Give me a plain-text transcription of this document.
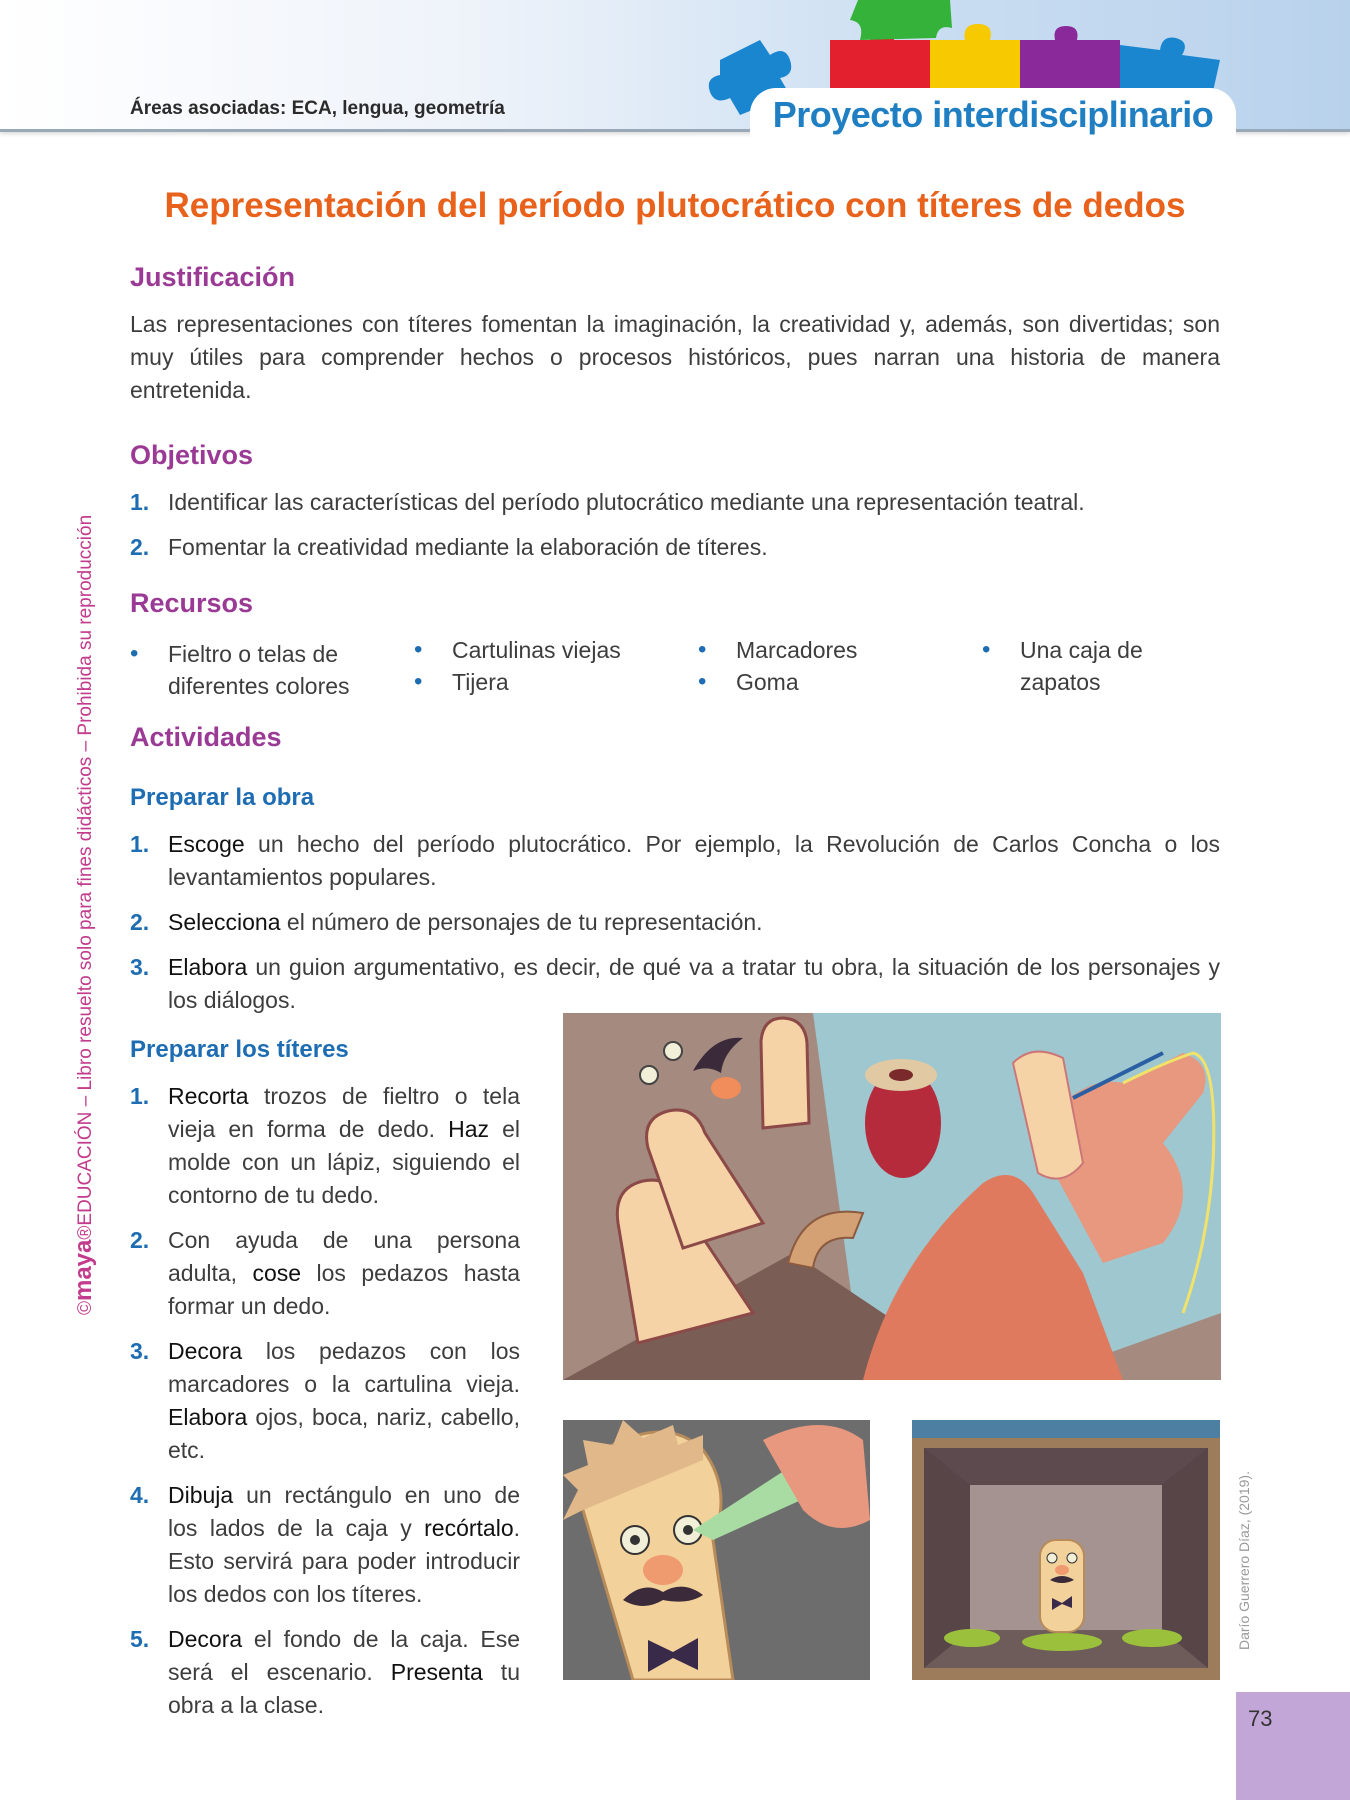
Áreas asociadas: ECA, lengua, geometría	Proyecto interdisciplinario
©maya®EDUCACIÓN – Libro resuelto solo para fines didácticos – Prohibida su reproducción
Representación del período plutocrático con títeres de dedos
Justificación
Las representaciones con títeres fomentan la imaginación, la creatividad y, además, son divertidas; son muy útiles para comprender hechos o procesos históricos, pues narran una historia de manera entretenida.
Objetivos
1. Identificar las características del período plutocrático mediante una representación teatral.
2. Fomentar la creatividad mediante la elaboración de títeres.
Recursos
• Fieltro o telas de diferentes colores
• Cartulinas viejas
• Tijera
• Marcadores
• Goma
• Una caja de zapatos
Actividades
Preparar la obra
1. Escoge un hecho del período plutocrático. Por ejemplo, la Revolución de Carlos Concha o los levantamientos populares.
2. Selecciona el número de personajes de tu representación.
3. Elabora un guion argumentativo, es decir, de qué va a tratar tu obra, la situación de los personajes y los diálogos.
Preparar los títeres
1. Recorta trozos de fieltro o tela vieja en forma de dedo. Haz el molde con un lápiz, siguiendo el contorno de tu dedo.
2. Con ayuda de una persona adulta, cose los pedazos hasta formar un dedo.
3. Decora los pedazos con los marcadores o la cartulina vieja. Elabora ojos, boca, nariz, cabello, etc.
4. Dibuja un rectángulo en uno de los lados de la caja y recórtalo. Esto servirá para poder introducir los dedos con los títeres.
5. Decora el fondo de la caja. Ese será el escenario. Presenta tu obra a la clase.
Darío Guerrero Díaz, (2019).
73
